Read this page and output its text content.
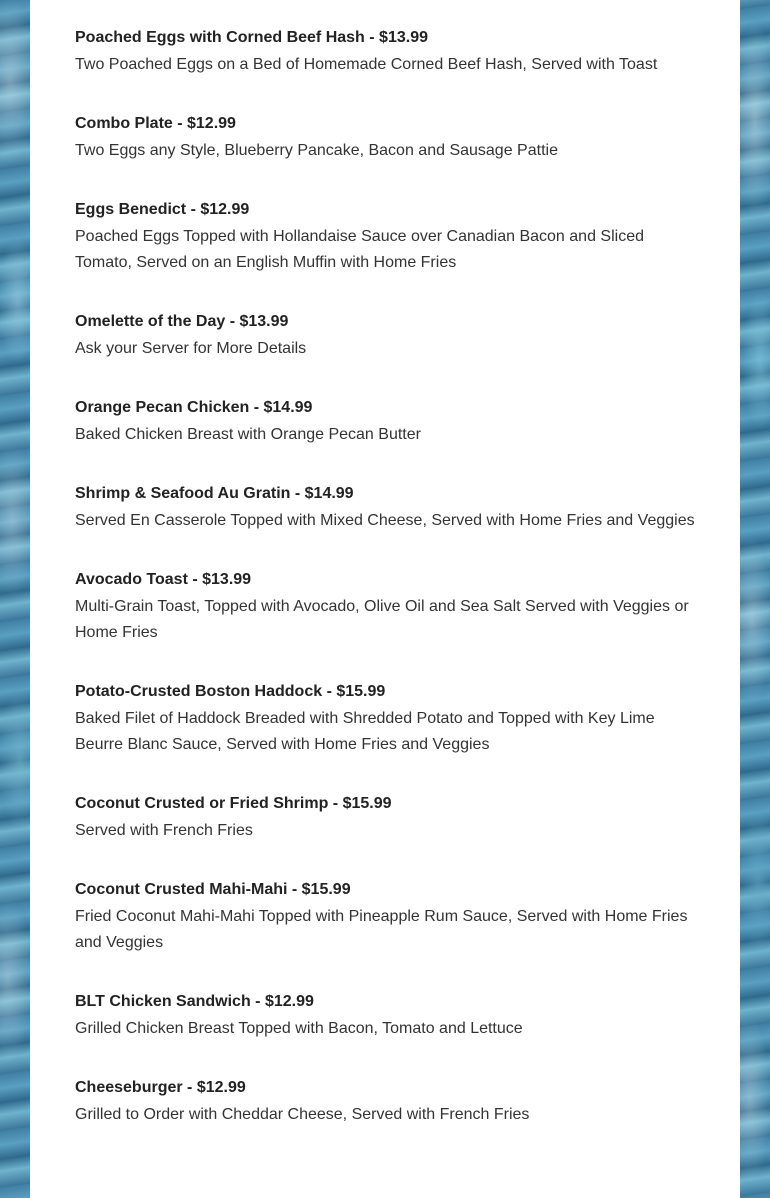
Poached Eggs with Corned Beef Hash - $13.99

Two Poached Eggs on a Bed of Homemade Corned Beef Hash, Served with Toast

Combo Plate - $12.99

Two Eggs any Style, Blueberry Pancake, Bacon and Sausage Pattie

Eggs Benedict - $12.99

Poached Eggs Topped with Hollandaise Sauce over Canadian Bacon and Sliced Tomato, Served on an English Muffin with Home Fries

Omelette of the Day - $13.99

Ask your Server for More Details

Orange Pecan Chicken - $14.99

Baked Chicken Breast with Orange Pecan Butter

Shrimp & Seafood Au Gratin - $14.99

Served En Casserole Topped with Mixed Cheese, Served with Home Fries and Veggies

Avocado Toast - $13.99

Multi-Grain Toast, Topped with Avocado, Olive Oil and Sea Salt Served with Veggies or Home Fries

Potato-Crusted Boston Haddock - $15.99

Baked Filet of Haddock Breaded with Shredded Potato and Topped with Key Lime Beurre Blanc Sauce, Served with Home Fries and Veggies

Coconut Crusted or Fried Shrimp - $15.99

Served with French Fries

Coconut Crusted Mahi-Mahi - $15.99

Fried Coconut Mahi-Mahi Topped with Pineapple Rum Sauce, Served with Home Fries and Veggies

BLT Chicken Sandwich - $12.99

Grilled Chicken Breast Topped with Bacon, Tomato and Lettuce

Cheeseburger - $12.99

Grilled to Order with Cheddar Cheese, Served with French Fries
